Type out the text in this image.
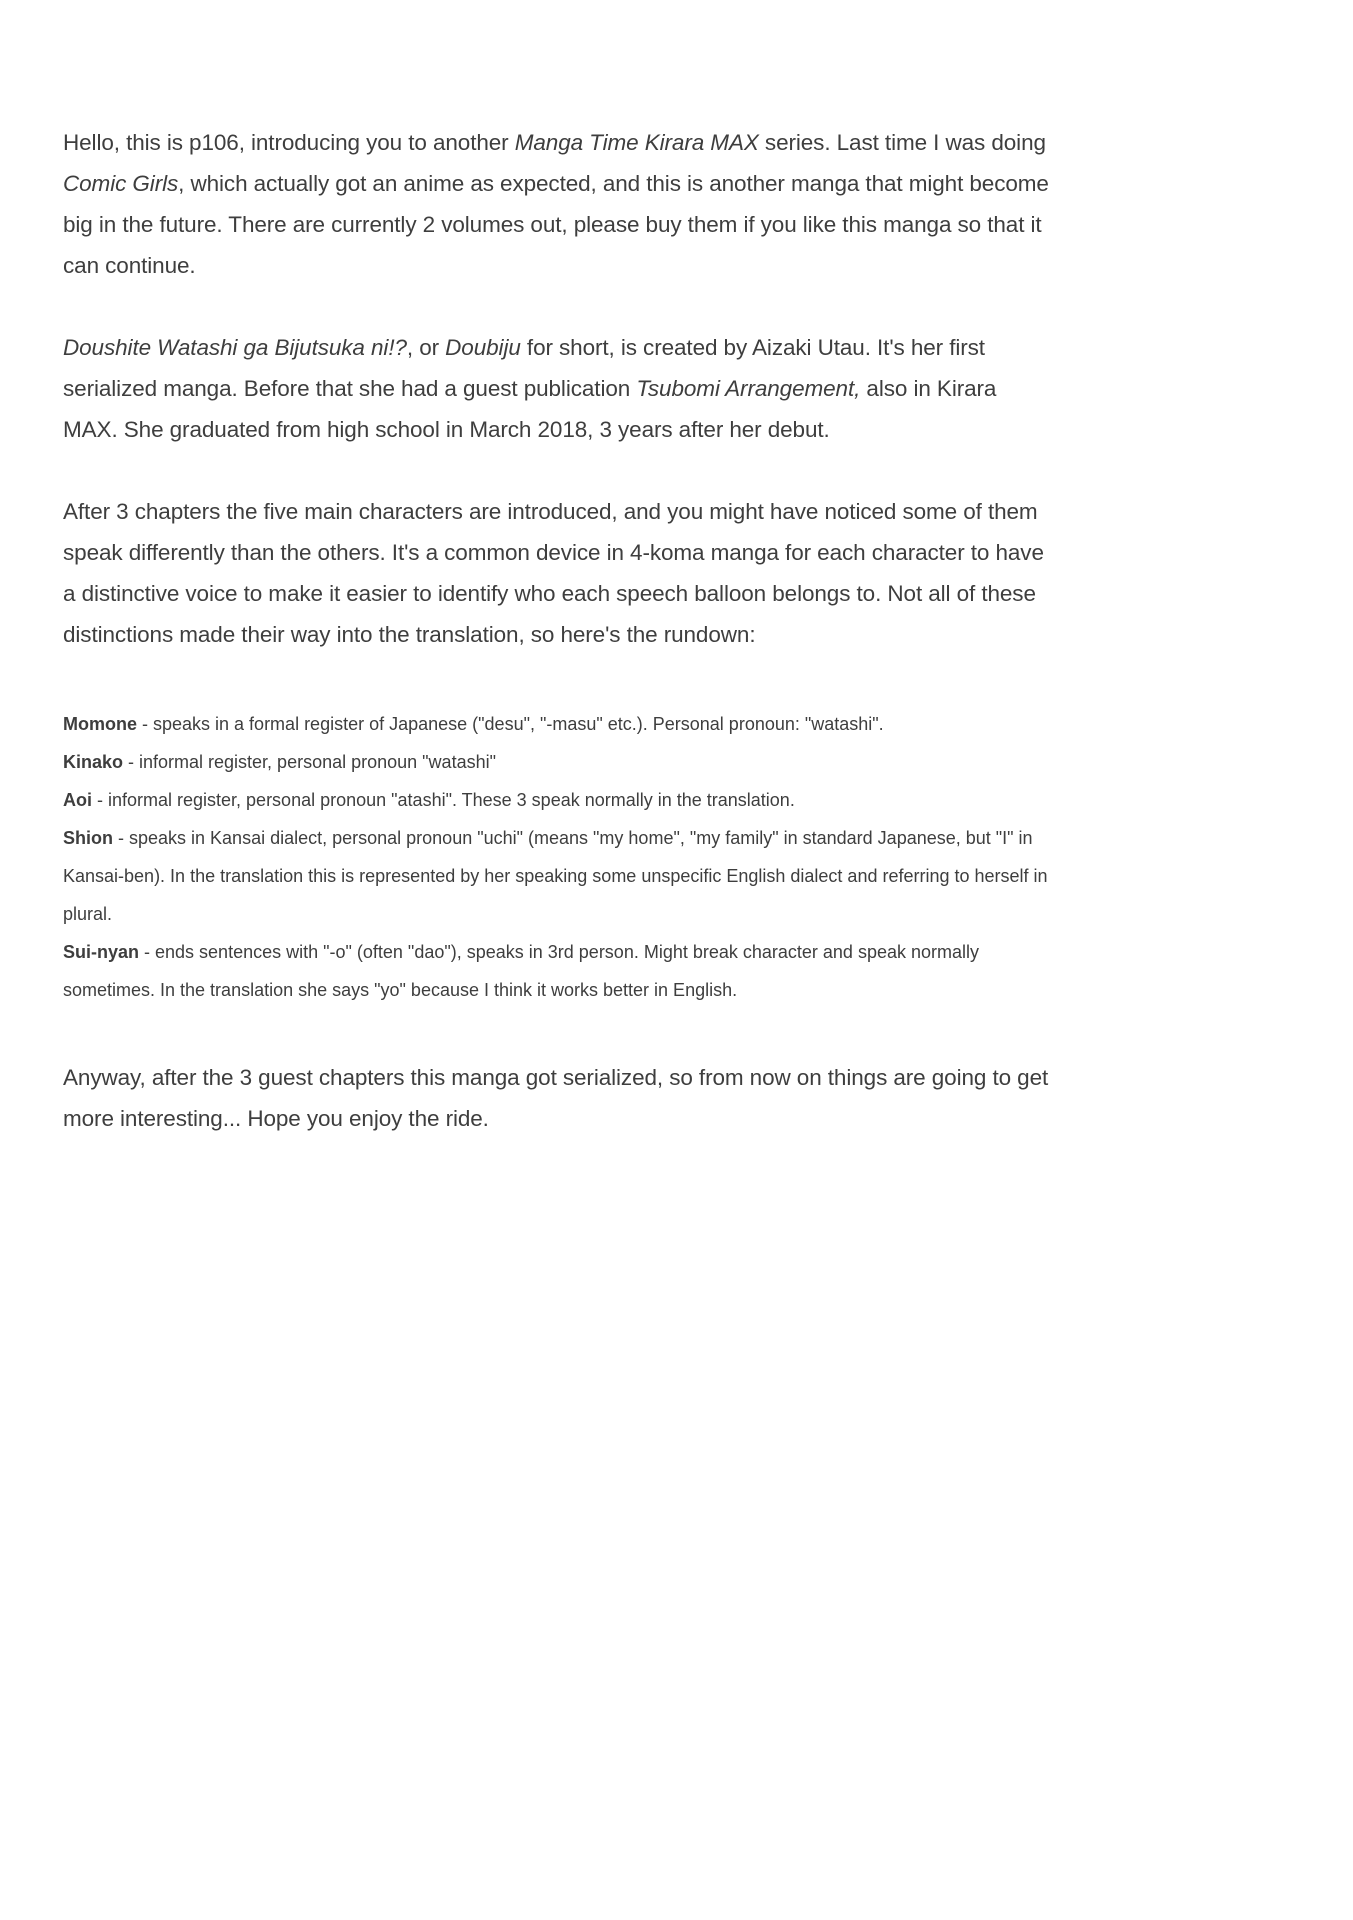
Hello, this is p106, introducing you to another Manga Time Kirara MAX series. Last time I was doing Comic Girls, which actually got an anime as expected, and this is another manga that might become big in the future. There are currently 2 volumes out, please buy them if you like this manga so that it can continue.

Doushite Watashi ga Bijutsuka ni!?, or Doubiju for short, is created by Aizaki Utau. It's her first serialized manga. Before that she had a guest publication Tsubomi Arrangement, also in Kirara MAX. She graduated from high school in March 2018, 3 years after her debut.

After 3 chapters the five main characters are introduced, and you might have noticed some of them speak differently than the others. It's a common device in 4-koma manga for each character to have a distinctive voice to make it easier to identify who each speech balloon belongs to. Not all of these distinctions made their way into the translation, so here's the rundown:

Momone - speaks in a formal register of Japanese ("desu", "-masu" etc.). Personal pronoun: "watashi".

Kinako - informal register, personal pronoun "watashi"

Aoi - informal register, personal pronoun "atashi". These 3 speak normally in the translation.

Shion - speaks in Kansai dialect, personal pronoun "uchi" (means "my home", "my family" in standard Japanese, but "I" in Kansai-ben). In the translation this is represented by her speaking some unspecific English dialect and referring to herself in plural.

Sui-nyan - ends sentences with "-o" (often "dao"), speaks in 3rd person. Might break character and speak normally sometimes. In the translation she says "yo" because I think it works better in English.

Anyway, after the 3 guest chapters this manga got serialized, so from now on things are going to get more interesting... Hope you enjoy the ride.
